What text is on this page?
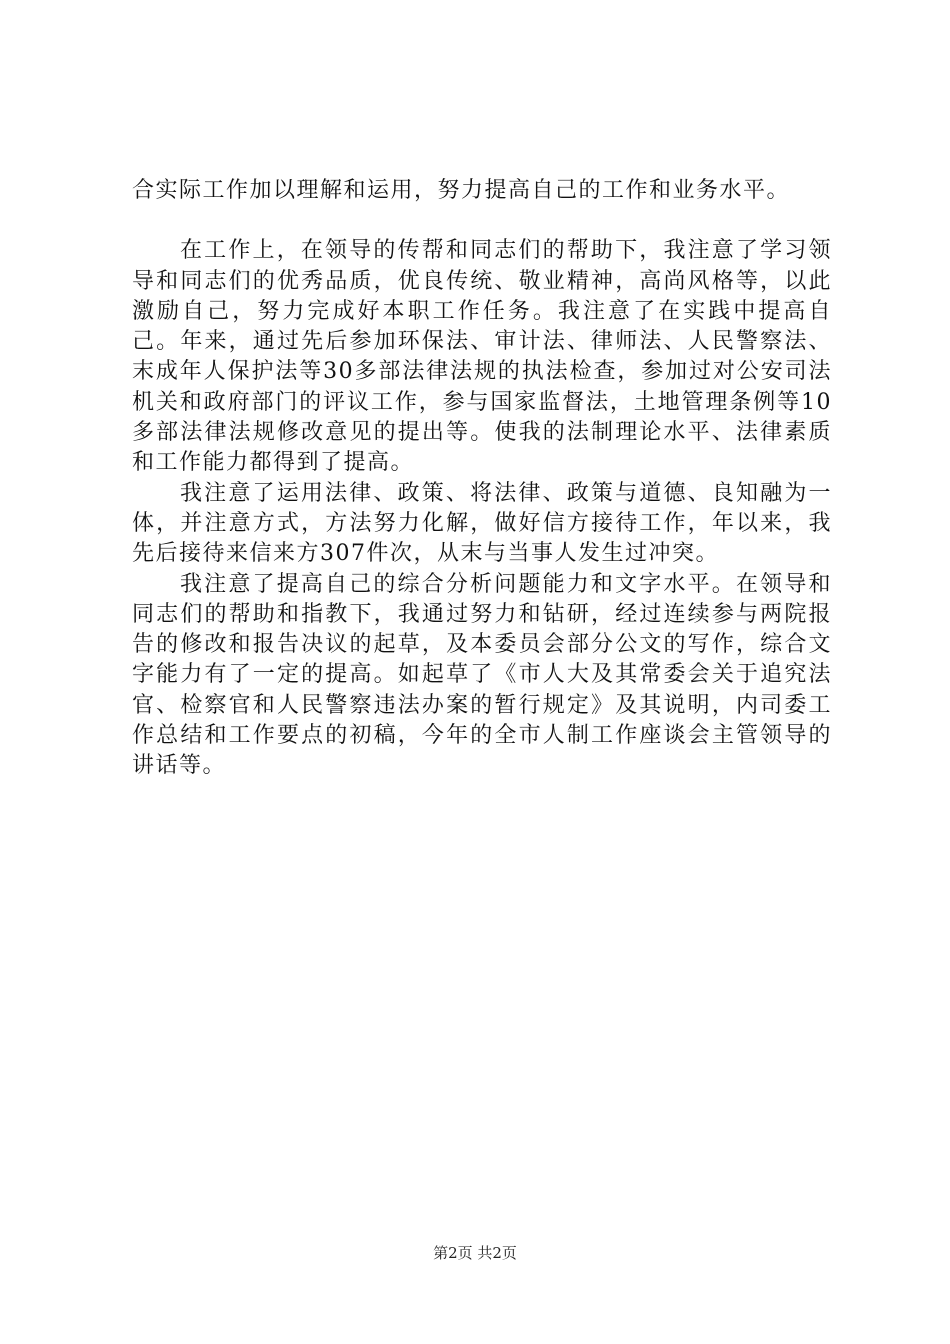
合实际工作加以理解和运用，努力提高自己的工作和业务水平。

在工作上，在领导的传帮和同志们的帮助下，我注意了学习领导和同志们的优秀品质，优良传统、敬业精神，高尚风格等，以此激励自己，努力完成好本职工作任务。我注意了在实践中提高自己。年来，通过先后参加环保法、审计法、律师法、人民警察法、末成年人保护法等30多部法律法规的执法检查，参加过对公安司法机关和政府部门的评议工作，参与国家监督法，土地管理条例等10多部法律法规修改意见的提出等。使我的法制理论水平、法律素质和工作能力都得到了提高。

我注意了运用法律、政策、将法律、政策与道德、良知融为一体，并注意方式，方法努力化解，做好信方接待工作，年以来，我先后接待来信来方307件次，从末与当事人发生过冲突。

我注意了提高自己的综合分析问题能力和文字水平。在领导和同志们的帮助和指教下，我通过努力和钻研，经过连续参与两院报告的修改和报告决议的起草，及本委员会部分公文的写作，综合文字能力有了一定的提高。如起草了《市人大及其常委会关于追究法官、检察官和人民警察违法办案的暂行规定》及其说明，内司委工作总结和工作要点的初稿，今年的全市人制工作座谈会主管领导的讲话等。

第2页 共2页
